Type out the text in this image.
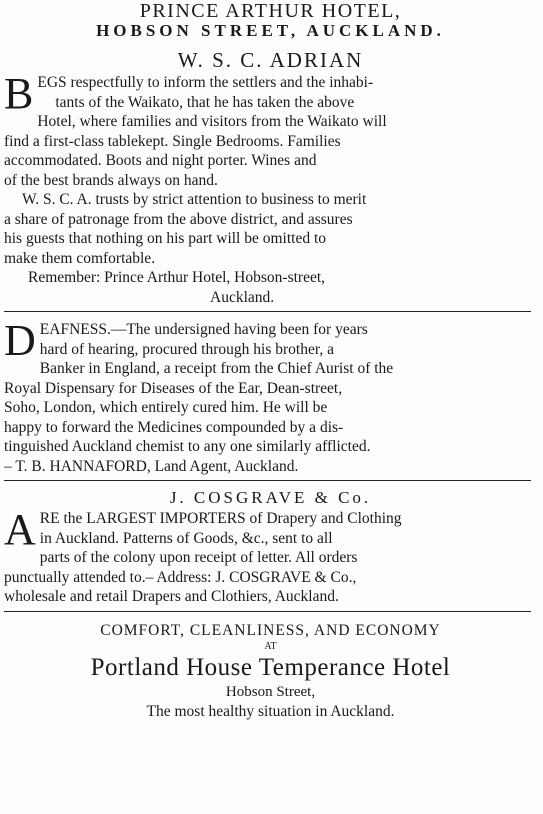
PRINCE ARTHUR HOTEL,
HOBSON STREET, AUCKLAND.
W. S. C. ADRIAN
B EGS respectfully to inform the settlers and the inhabi-
tants of the Waikato, that he has taken the above
Hotel, where families and visitors from the Waikato will
find a first-class tablekept. Single Bedrooms. Families
accommodated. Boots and night porter. Wines and
of the best brands always on hand.
W. S. C. A. trusts by strict attention to business to merit
a share of patronage from the above district, and assures
his guests that nothing on his part will be omitted to
make them comfortable.
Remember: Prince Arthur Hotel, Hobson-street,
Auckland.
D EAFNESS.—The undersigned having been for years
hard of hearing, procured through his brother, a
Banker in England, a receipt from the Chief Aurist of the
Royal Dispensary for Diseases of the Ear, Dean-street,
Soho, London, which entirely cured him. He will be
happy to forward the Medicines compounded by a dis-
tinguished Auckland chemist to any one similarly afflicted.
– T. B. HANNAFORD, Land Agent, Auckland.
J. COSGRAVE & Co.
A RE the LARGEST IMPORTERS of Drapery and Clothing
in Auckland. Patterns of Goods, &c., sent to all
parts of the colony upon receipt of letter. All orders
punctually attended to.– Address: J. COSGRAVE & Co.,
wholesale and retail Drapers and Clothiers, Auckland.
COMFORT, CLEANLINESS, AND ECONOMY
AT
Portland House Temperance Hotel
Hobson Street,
The most healthy situation in Auckland.
